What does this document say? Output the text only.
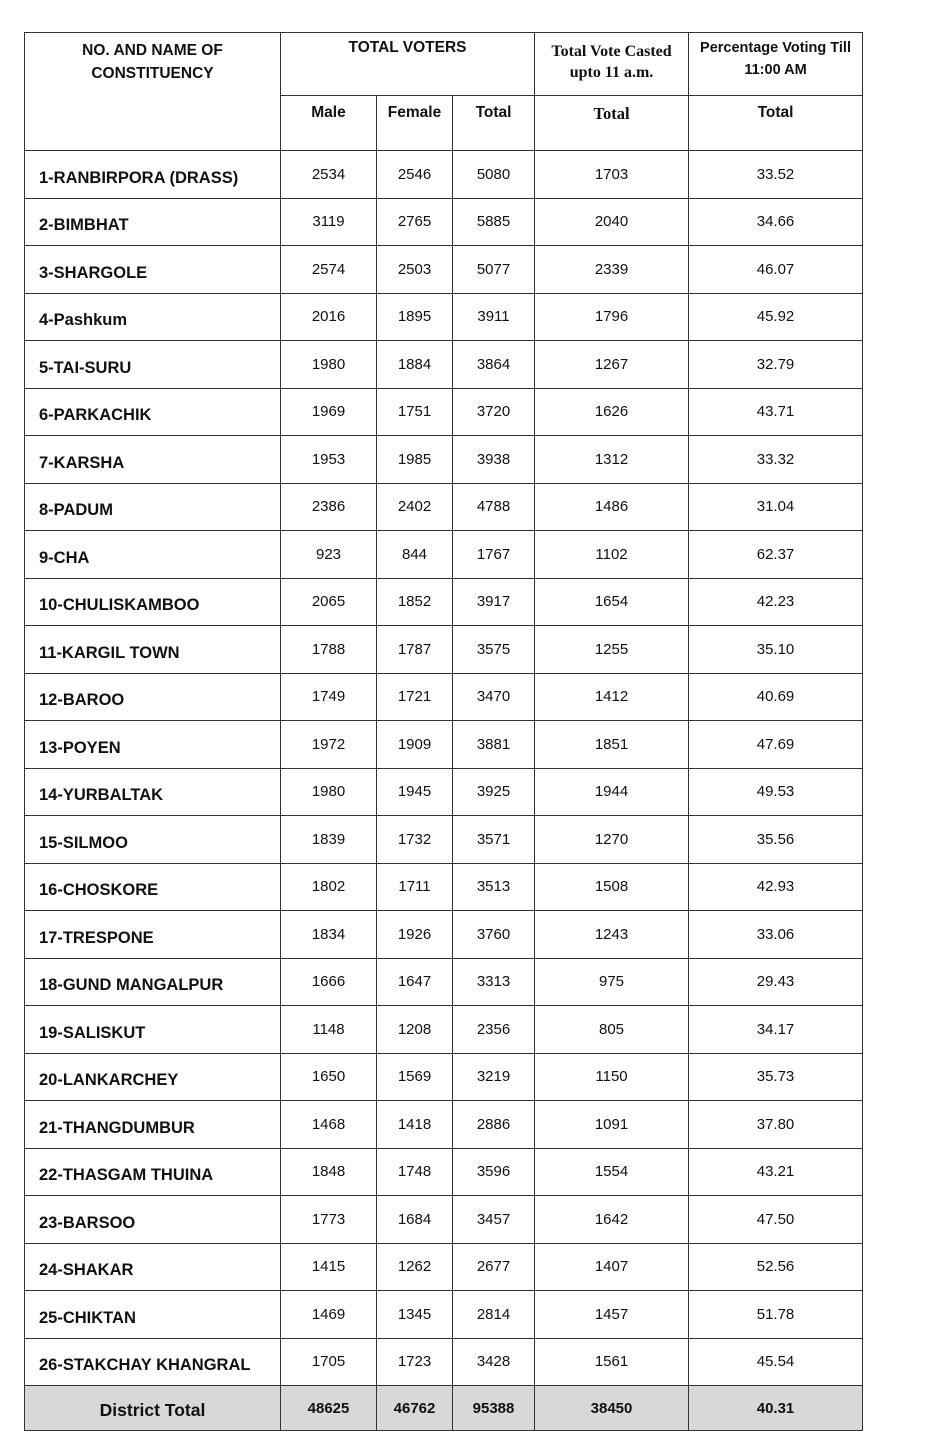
NO. AND NAME OF CONSTITUENCY	TOTAL VOTERS			Total Vote Casted upto 11 a.m.	Percentage Voting Till 11:00 AM
	Male	Female	Total	Total	Total
1-RANBIRPORA (DRASS)	2534	2546	5080	1703	33.52
2-BIMBHAT	3119	2765	5885	2040	34.66
3-SHARGOLE	2574	2503	5077	2339	46.07
4-Pashkum	2016	1895	3911	1796	45.92
5-TAI-SURU	1980	1884	3864	1267	32.79
6-PARKACHIK	1969	1751	3720	1626	43.71
7-KARSHA	1953	1985	3938	1312	33.32
8-PADUM	2386	2402	4788	1486	31.04
9-CHA	923	844	1767	1102	62.37
10-CHULISKAMBOO	2065	1852	3917	1654	42.23
11-KARGIL TOWN	1788	1787	3575	1255	35.10
12-BAROO	1749	1721	3470	1412	40.69
13-POYEN	1972	1909	3881	1851	47.69
14-YURBALTAK	1980	1945	3925	1944	49.53
15-SILMOO	1839	1732	3571	1270	35.56
16-CHOSKORE	1802	1711	3513	1508	42.93
17-TRESPONE	1834	1926	3760	1243	33.06
18-GUND MANGALPUR	1666	1647	3313	975	29.43
19-SALISKUT	1148	1208	2356	805	34.17
20-LANKARCHEY	1650	1569	3219	1150	35.73
21-THANGDUMBUR	1468	1418	2886	1091	37.80
22-THASGAM THUINA	1848	1748	3596	1554	43.21
23-BARSOO	1773	1684	3457	1642	47.50
24-SHAKAR	1415	1262	2677	1407	52.56
25-CHIKTAN	1469	1345	2814	1457	51.78
26-STAKCHAY KHANGRAL	1705	1723	3428	1561	45.54
District Total	48625	46762	95388	38450	40.31
